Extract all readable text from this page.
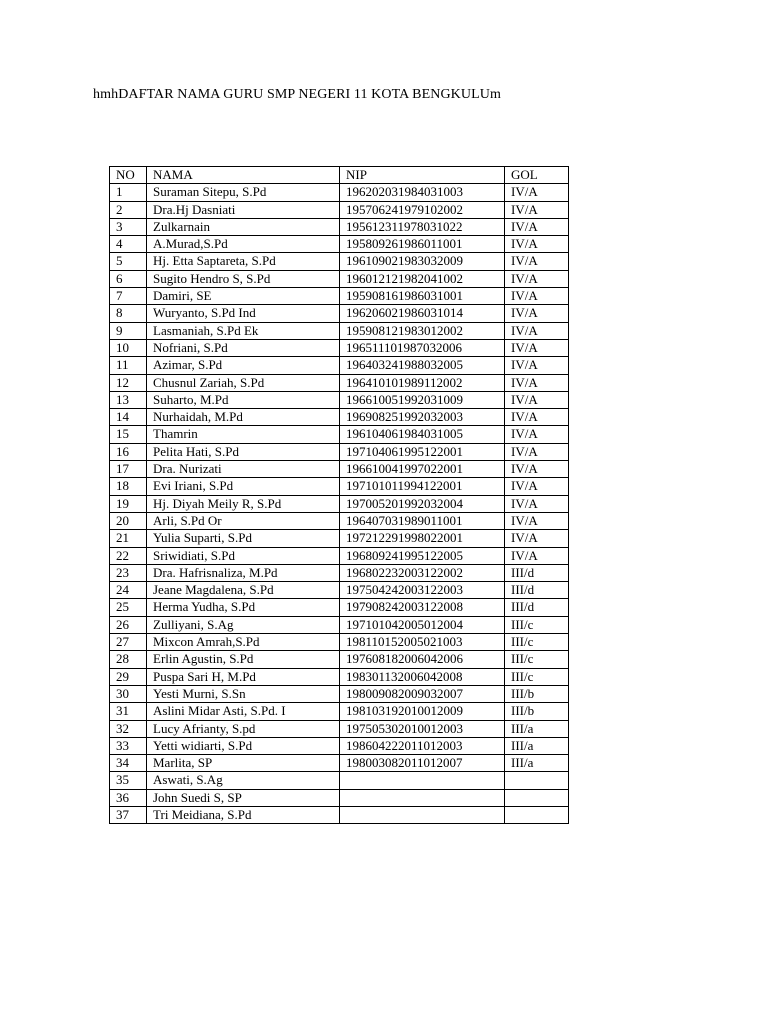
hmhDAFTAR NAMA GURU SMP NEGERI 11 KOTA BENGKULUm
NO	NAMA	NIP	GOL
1	Suraman Sitepu, S.Pd	196202031984031003	IV/A
2	Dra.Hj Dasniati	195706241979102002	IV/A
3	Zulkarnain	195612311978031022	IV/A
4	A.Murad,S.Pd	195809261986011001	IV/A
5	Hj. Etta Saptareta, S.Pd	196109021983032009	IV/A
6	Sugito Hendro S, S.Pd	196012121982041002	IV/A
7	Damiri, SE	195908161986031001	IV/A
8	Wuryanto, S.Pd Ind	196206021986031014	IV/A
9	Lasmaniah, S.Pd Ek	195908121983012002	IV/A
10	Nofriani, S.Pd	196511101987032006	IV/A
11	Azimar, S.Pd	196403241988032005	IV/A
12	Chusnul Zariah, S.Pd	196410101989112002	IV/A
13	Suharto, M.Pd	196610051992031009	IV/A
14	Nurhaidah, M.Pd	196908251992032003	IV/A
15	Thamrin	196104061984031005	IV/A
16	Pelita Hati, S.Pd	197104061995122001	IV/A
17	Dra. Nurizati	196610041997022001	IV/A
18	Evi Iriani, S.Pd	197101011994122001	IV/A
19	Hj. Diyah Meily R, S.Pd	197005201992032004	IV/A
20	Arli, S.Pd Or	196407031989011001	IV/A
21	Yulia Suparti, S.Pd	197212291998022001	IV/A
22	Sriwidiati, S.Pd	196809241995122005	IV/A
23	Dra. Hafrisnaliza, M.Pd	196802232003122002	III/d
24	Jeane Magdalena, S.Pd	197504242003122003	III/d
25	Herma Yudha, S.Pd	197908242003122008	III/d
26	Zulliyani, S.Ag	197101042005012004	III/c
27	Mixcon Amrah,S.Pd	198110152005021003	III/c
28	Erlin Agustin, S.Pd	197608182006042006	III/c
29	Puspa Sari H, M.Pd	198301132006042008	III/c
30	Yesti Murni, S.Sn	198009082009032007	III/b
31	Aslini Midar Asti, S.Pd. I	198103192010012009	III/b
32	Lucy Afrianty, S.pd	197505302010012003	III/a
33	Yetti widiarti, S.Pd	198604222011012003	III/a
34	Marlita, SP	198003082011012007	III/a
35	Aswati, S.Ag		
36	John Suedi S, SP		
37	Tri Meidiana, S.Pd		
